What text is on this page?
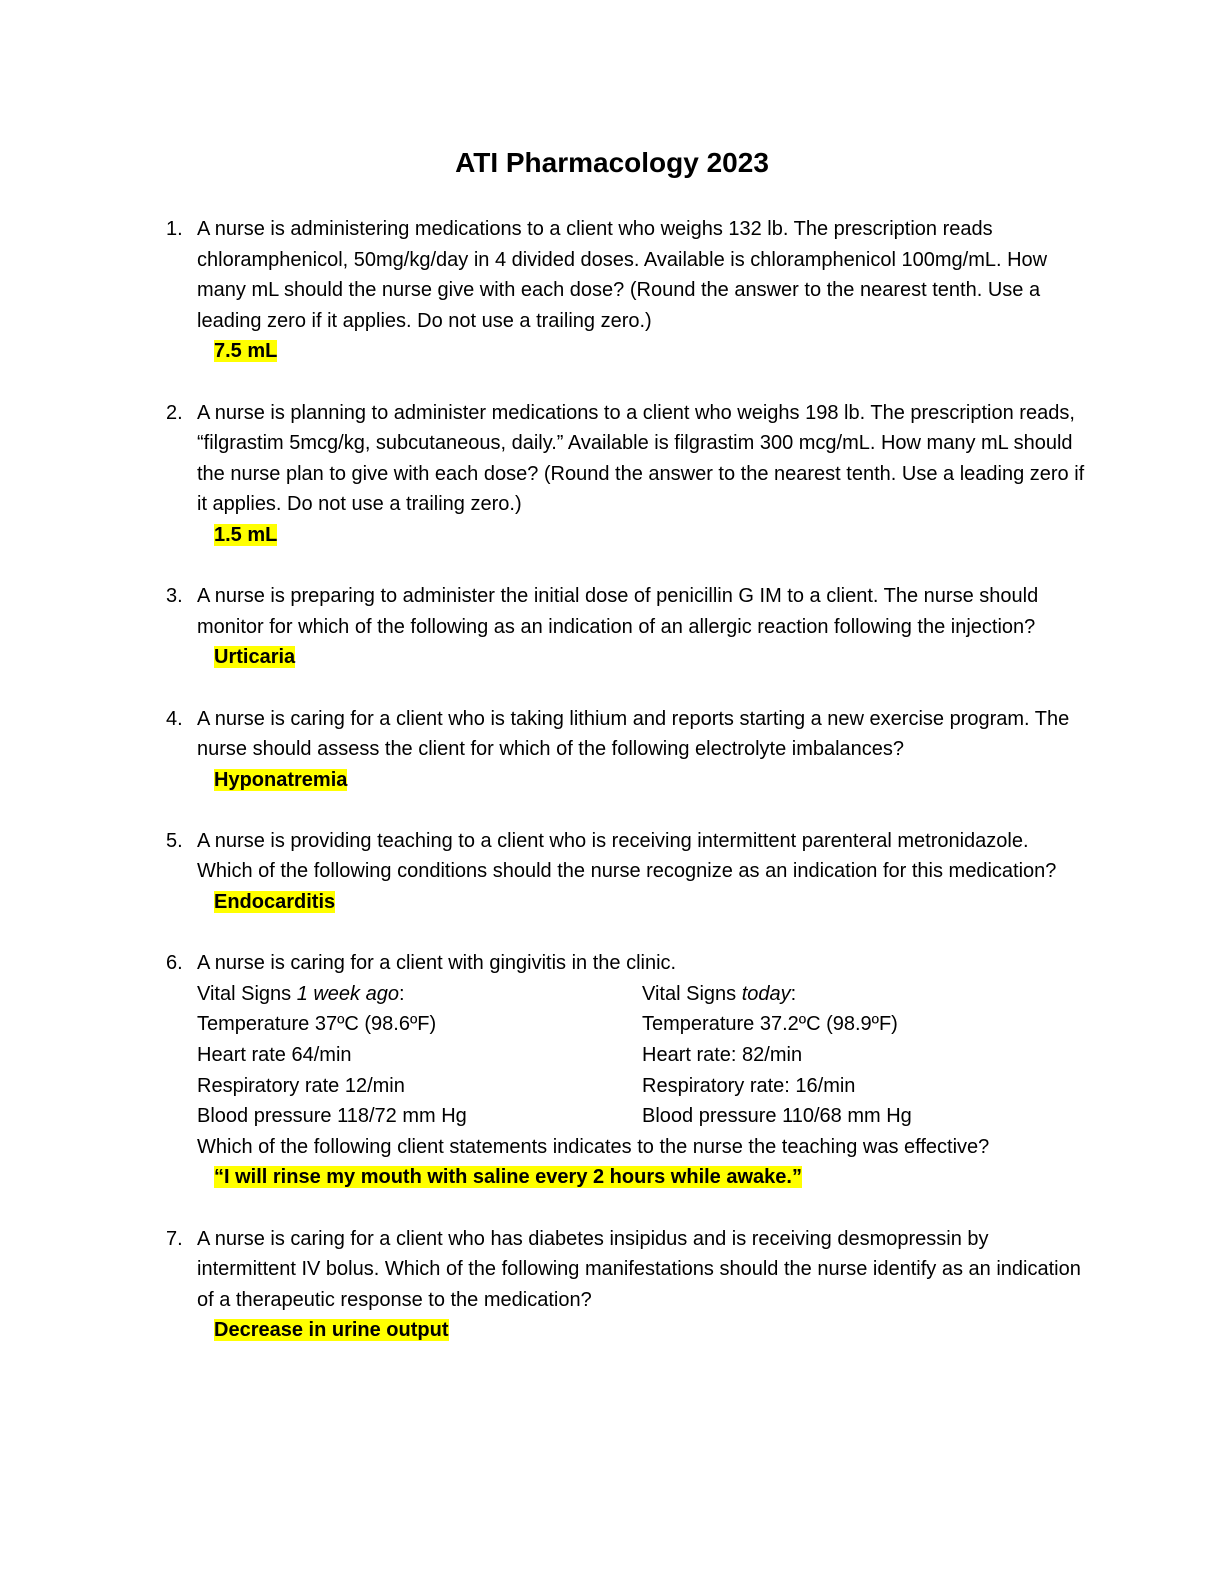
ATI Pharmacology 2023
1. A nurse is administering medications to a client who weighs 132 lb. The prescription reads chloramphenicol, 50mg/kg/day in 4 divided doses. Available is chloramphenicol 100mg/mL. How many mL should the nurse give with each dose? (Round the answer to the nearest tenth. Use a leading zero if it applies. Do not use a trailing zero.)
7.5 mL
2. A nurse is planning to administer medications to a client who weighs 198 lb. The prescription reads, “filgrastim 5mcg/kg, subcutaneous, daily.” Available is filgrastim 300 mcg/mL. How many mL should the nurse plan to give with each dose? (Round the answer to the nearest tenth. Use a leading zero if it applies. Do not use a trailing zero.)
1.5 mL
3. A nurse is preparing to administer the initial dose of penicillin G IM to a client. The nurse should monitor for which of the following as an indication of an allergic reaction following the injection?
Urticaria
4. A nurse is caring for a client who is taking lithium and reports starting a new exercise program. The nurse should assess the client for which of the following electrolyte imbalances?
Hyponatremia
5. A nurse is providing teaching to a client who is receiving intermittent parenteral metronidazole. Which of the following conditions should the nurse recognize as an indication for this medication?
Endocarditis
6. A nurse is caring for a client with gingivitis in the clinic.
Vital Signs 1 week ago:	Vital Signs today:
Temperature 37ºC (98.6ºF)	Temperature 37.2ºC (98.9ºF)
Heart rate 64/min	Heart rate: 82/min
Respiratory rate 12/min	Respiratory rate: 16/min
Blood pressure 118/72 mm Hg	Blood pressure 110/68 mm Hg
Which of the following client statements indicates to the nurse the teaching was effective?
“I will rinse my mouth with saline every 2 hours while awake.”
7. A nurse is caring for a client who has diabetes insipidus and is receiving desmopressin by intermittent IV bolus. Which of the following manifestations should the nurse identify as an indication of a therapeutic response to the medication?
Decrease in urine output
